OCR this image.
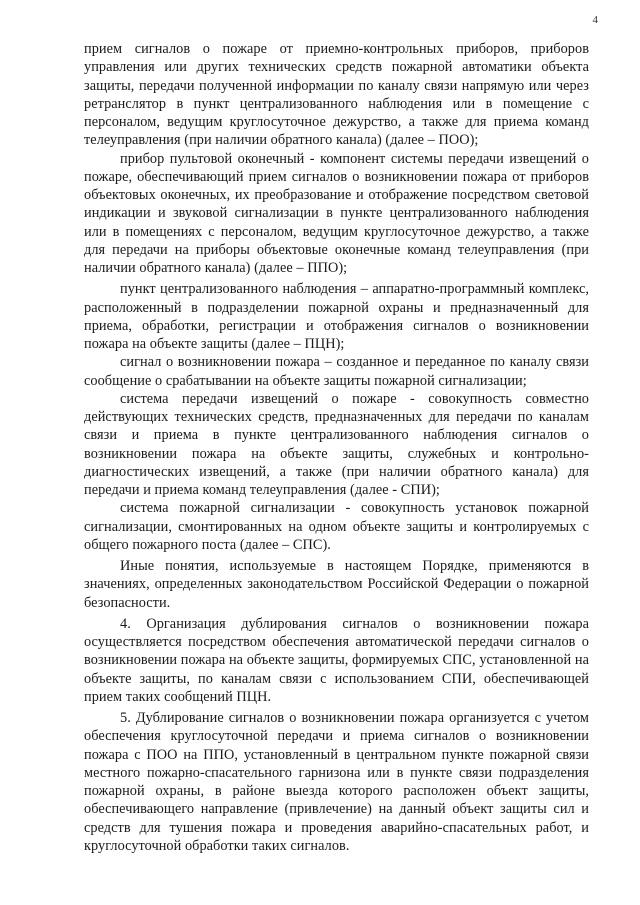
4

прием сигналов о пожаре от приемно-контрольных приборов, приборов управления или других технических средств пожарной автоматики объекта защиты, передачи полученной информации по каналу связи напрямую или через ретранслятор в пункт централизованного наблюдения или в помещение с персоналом, ведущим круглосуточное дежурство, а также для приема команд телеуправления (при наличии обратного канала) (далее – ПОО);

прибор пультовой оконечный - компонент системы передачи извещений о пожаре, обеспечивающий прием сигналов о возникновении пожара от приборов объектовых оконечных, их преобразование и отображение посредством световой индикации и звуковой сигнализации в пункте централизованного наблюдения или в помещениях с персоналом, ведущим круглосуточное дежурство, а также для передачи на приборы объектовые оконечные команд телеуправления (при наличии обратного канала) (далее – ППО);

пункт централизованного наблюдения – аппаратно-программный комплекс, расположенный в подразделении пожарной охраны и предназначенный для приема, обработки, регистрации и отображения сигналов о возникновении пожара на объекте защиты (далее – ПЦН);

сигнал о возникновении пожара – созданное и переданное по каналу связи сообщение о срабатывании на объекте защиты пожарной сигнализации;

система передачи извещений о пожаре - совокупность совместно действующих технических средств, предназначенных для передачи по каналам связи и приема в пункте централизованного наблюдения сигналов о возникновении пожара на объекте защиты, служебных и контрольно-диагностических извещений, а также (при наличии обратного канала) для передачи и приема команд телеуправления (далее - СПИ);

система пожарной сигнализации - совокупность установок пожарной сигнализации, смонтированных на одном объекте защиты и контролируемых с общего пожарного поста (далее – СПС).

Иные понятия, используемые в настоящем Порядке, применяются в значениях, определенных законодательством Российской Федерации о пожарной безопасности.

4. Организация дублирования сигналов о возникновении пожара осуществляется посредством обеспечения автоматической передачи сигналов о возникновении пожара на объекте защиты, формируемых СПС, установленной на объекте защиты, по каналам связи с использованием СПИ, обеспечивающей прием таких сообщений ПЦН.

5. Дублирование сигналов о возникновении пожара организуется с учетом обеспечения круглосуточной передачи и приема сигналов о возникновении пожара с ПОО на ППО, установленный в центральном пункте пожарной связи местного пожарно-спасательного гарнизона или в пункте связи подразделения пожарной охраны, в районе выезда которого расположен объект защиты, обеспечивающего направление (привлечение) на данный объект защиты сил и средств для тушения пожара и проведения аварийно-спасательных работ, и круглосуточной обработки таких сигналов.
